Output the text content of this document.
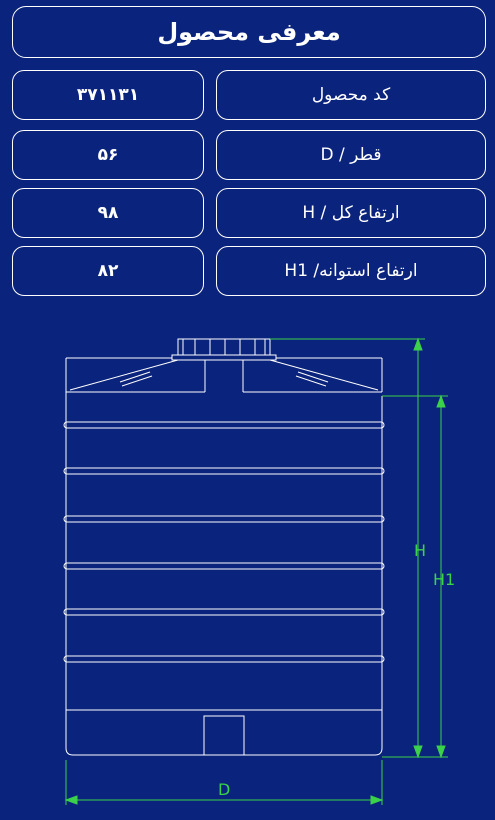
معرفی محصول
۳۷۱۱۳۱	کد محصول
۵۶	قطر / D
۹۸	ارتفاع کل / H
۸۲	ارتفاع استوانه/ H1
H
H1
D
